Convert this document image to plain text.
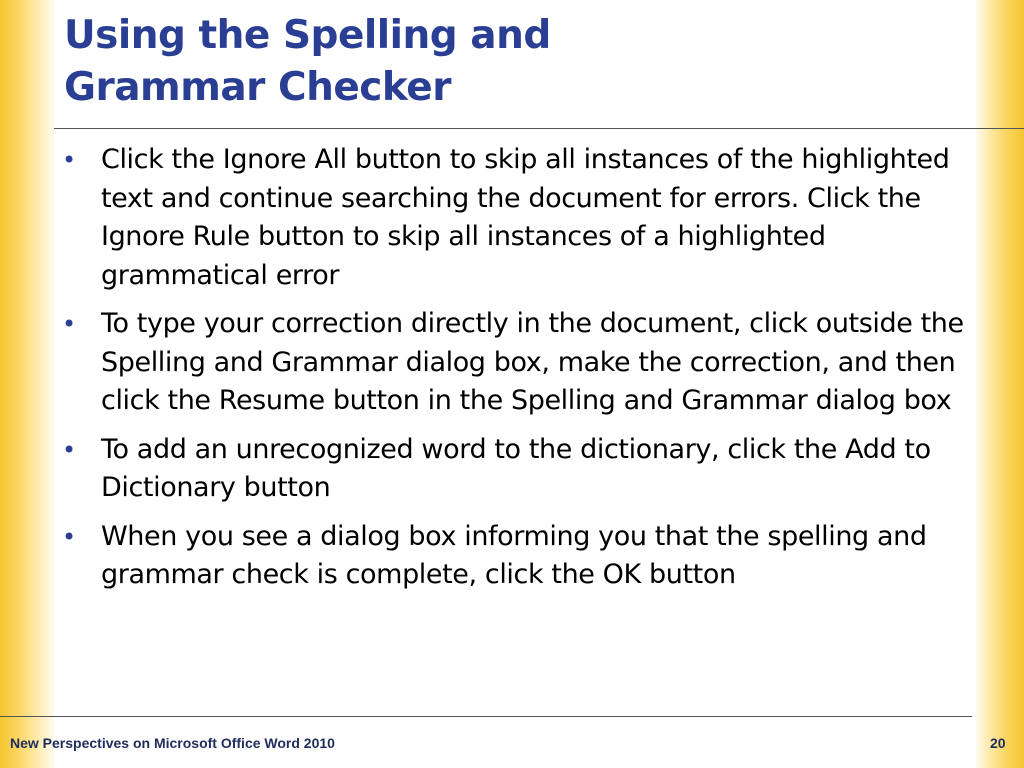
Using the Spelling and
Grammar Checker
• Click the Ignore All button to skip all instances of the highlighted text and continue searching the document for errors. Click the Ignore Rule button to skip all instances of a highlighted grammatical error
• To type your correction directly in the document, click outside the Spelling and Grammar dialog box, make the correction, and then click the Resume button in the Spelling and Grammar dialog box
• To add an unrecognized word to the dictionary, click the Add to Dictionary button
• When you see a dialog box informing you that the spelling and grammar check is complete, click the OK button
New Perspectives on Microsoft Office Word 2010	20
